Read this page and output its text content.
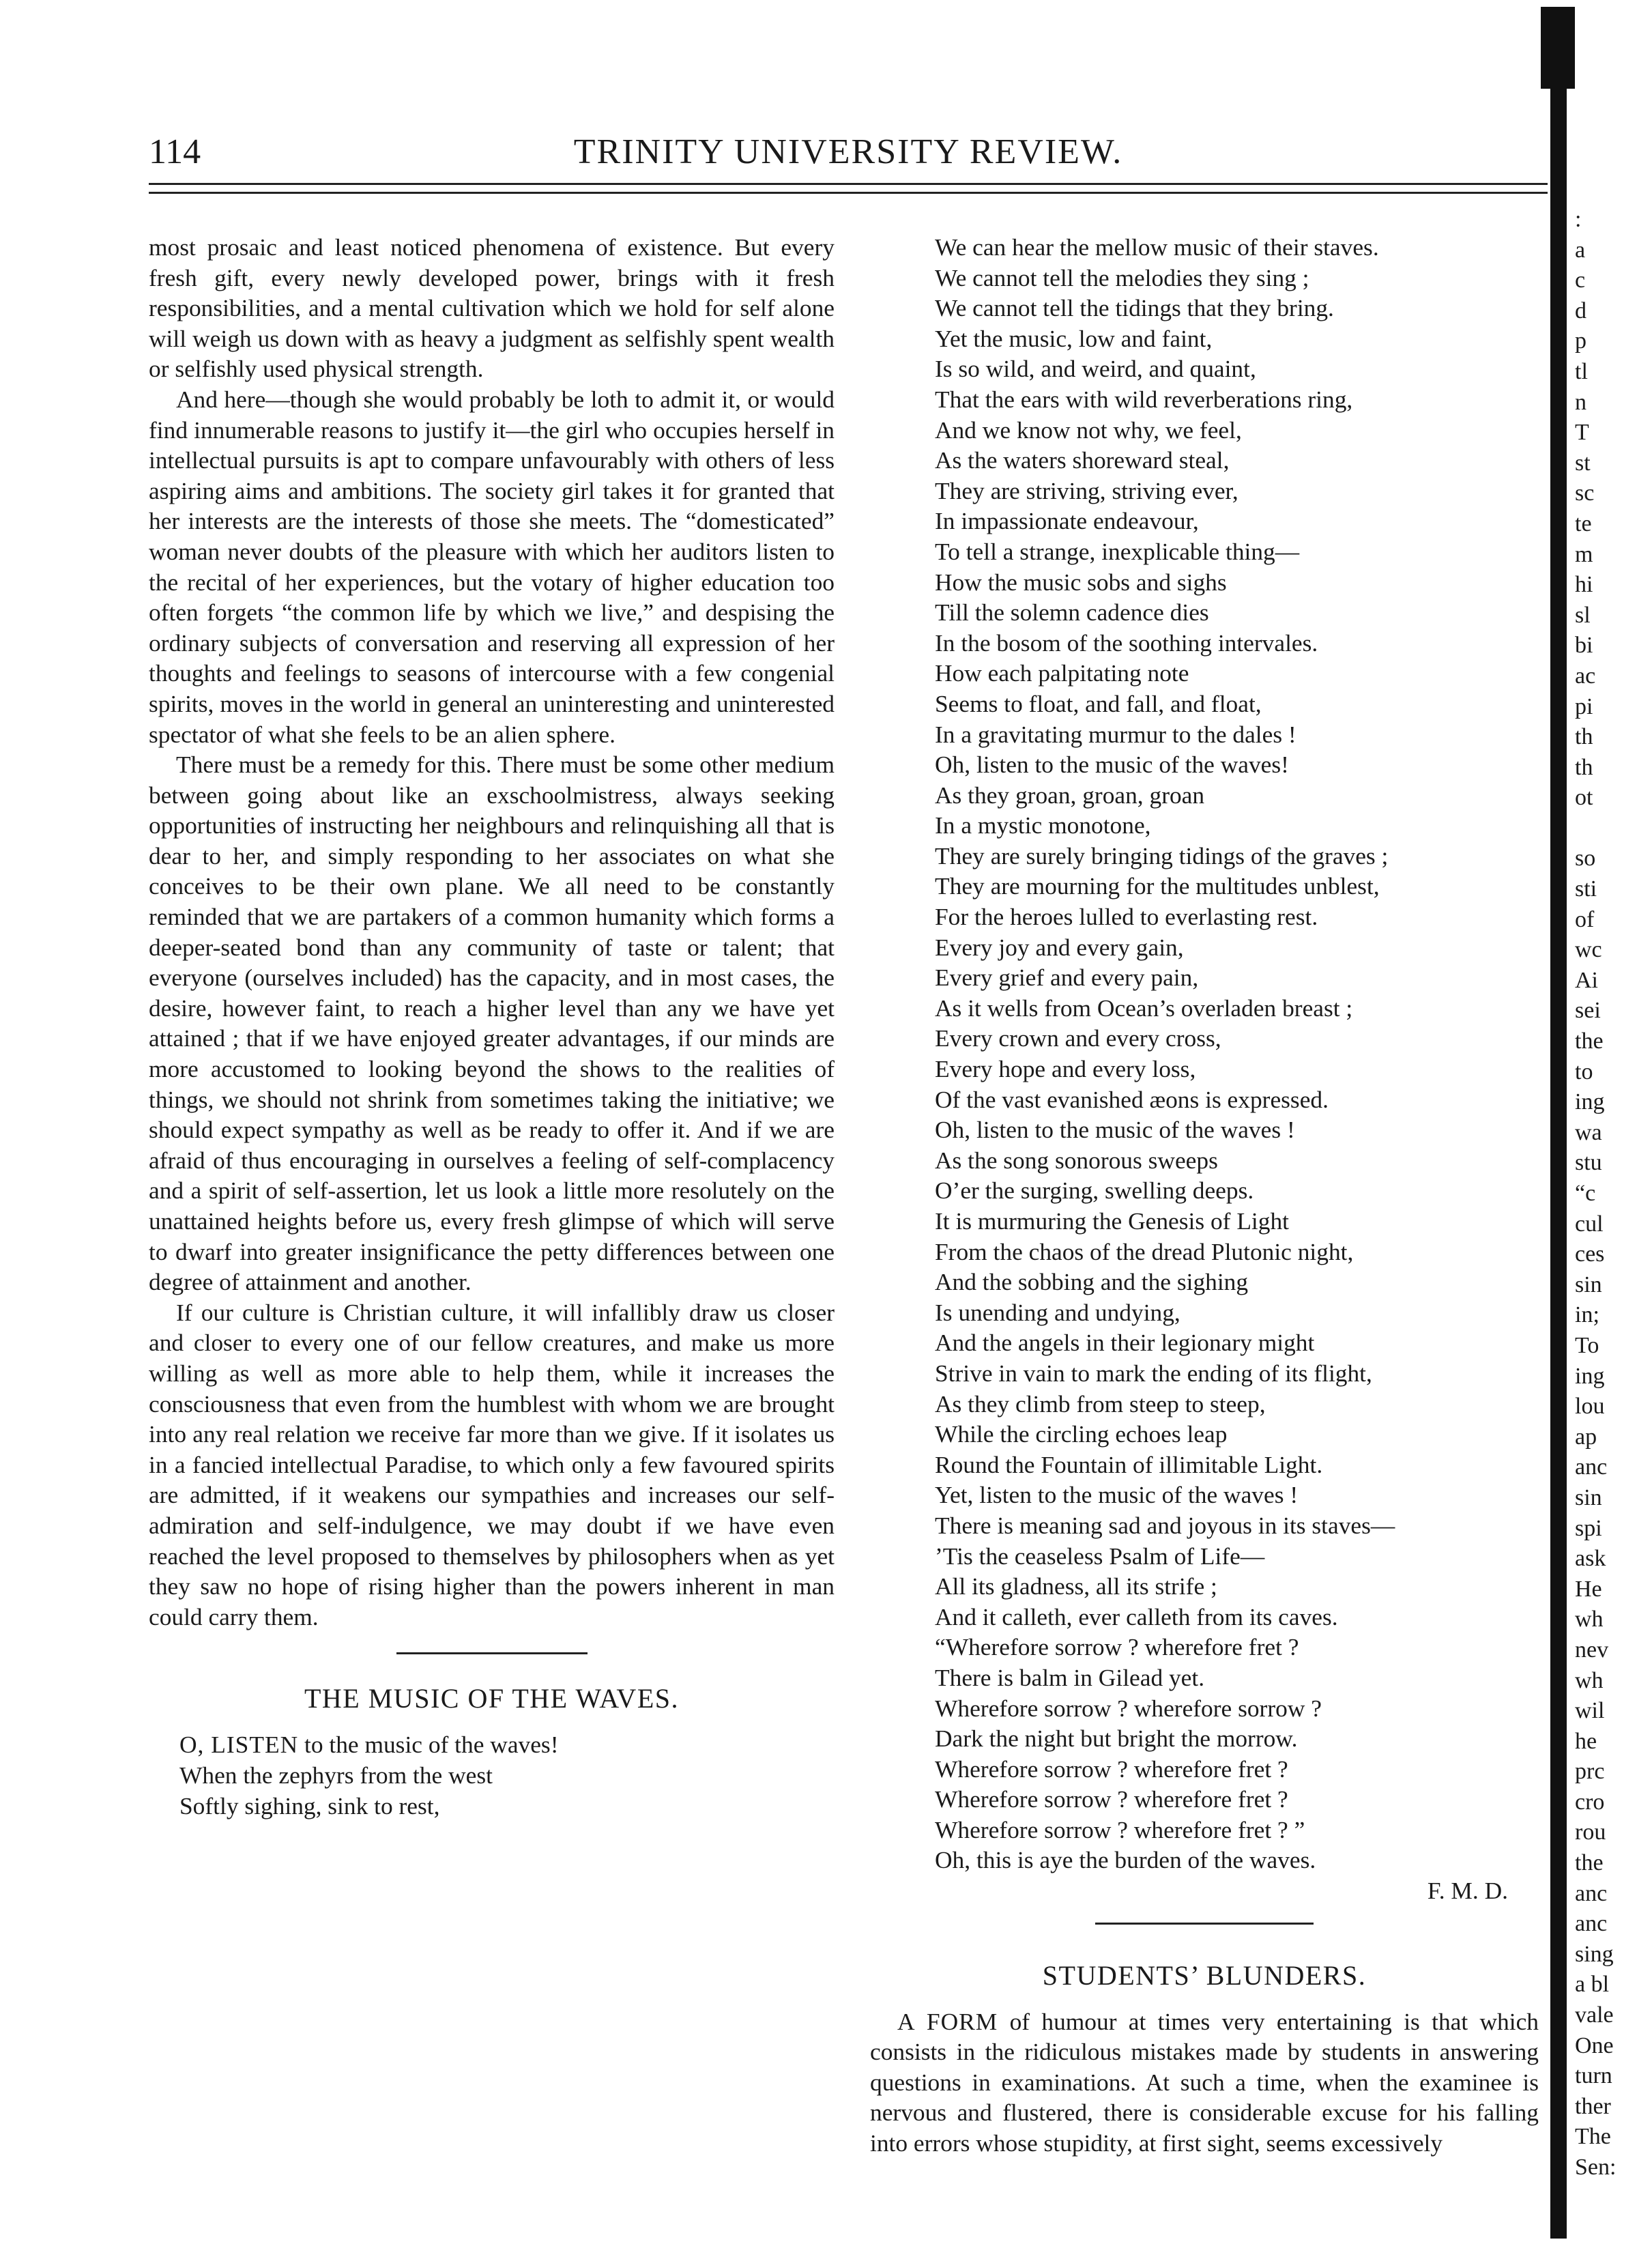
114	TRINITY UNIVERSITY REVIEW.

most prosaic and least noticed phenomena of existence. But every fresh gift, every newly developed power, brings with it fresh responsibilities, and a mental cultivation which we hold for self alone will weigh us down with as heavy a judgment as selfishly spent wealth or selfishly used physical strength.

And here—though she would probably be loth to admit it, or would find innumerable reasons to justify it—the girl who occupies herself in intellectual pursuits is apt to compare unfavourably with others of less aspiring aims and ambitions. The society girl takes it for granted that her interests are the interests of those she meets. The “domesticated” woman never doubts of the pleasure with which her auditors listen to the recital of her experiences, but the votary of higher education too often forgets “the common life by which we live,” and despising the ordinary subjects of conversation and reserving all expression of her thoughts and feelings to seasons of intercourse with a few congenial spirits, moves in the world in general an uninteresting and uninterested spectator of what she feels to be an alien sphere.

There must be a remedy for this. There must be some other medium between going about like an exschoolmistress, always seeking opportunities of instructing her neighbours and relinquishing all that is dear to her, and simply responding to her associates on what she conceives to be their own plane. We all need to be constantly reminded that we are partakers of a common humanity which forms a deeper-seated bond than any community of taste or talent; that everyone (ourselves included) has the capacity, and in most cases, the desire, however faint, to reach a higher level than any we have yet attained ; that if we have enjoyed greater advantages, if our minds are more accustomed to looking beyond the shows to the realities of things, we should not shrink from sometimes taking the initiative; we should expect sympathy as well as be ready to offer it. And if we are afraid of thus encouraging in ourselves a feeling of self-complacency and a spirit of self-assertion, let us look a little more resolutely on the unattained heights before us, every fresh glimpse of which will serve to dwarf into greater insignificance the petty differences between one degree of attainment and another.

If our culture is Christian culture, it will infallibly draw us closer and closer to every one of our fellow creatures, and make us more willing as well as more able to help them, while it increases the consciousness that even from the humblest with whom we are brought into any real relation we receive far more than we give. If it isolates us in a fancied intellectual Paradise, to which only a few favoured spirits are admitted, if it weakens our sympathies and increases our self-admiration and self-indulgence, we may doubt if we have even reached the level proposed to themselves by philosophers when as yet they saw no hope of rising higher than the powers inherent in man could carry them.

THE MUSIC OF THE WAVES.
O, LISTEN to the music of the waves!
When the zephyrs from the west
Softly sighing, sink to rest,
We can hear the mellow music of their staves.
We cannot tell the melodies they sing ;
We cannot tell the tidings that they bring.
Yet the music, low and faint,
Is so wild, and weird, and quaint,
That the ears with wild reverberations ring,
And we know not why, we feel,
As the waters shoreward steal,
They are striving, striving ever,
In impassionate endeavour,
To tell a strange, inexplicable thing—
How the music sobs and sighs
Till the solemn cadence dies
In the bosom of the soothing intervales.
How each palpitating note
Seems to float, and fall, and float,
In a gravitating murmur to the dales !
Oh, listen to the music of the waves!
As they groan, groan, groan
In a mystic monotone,
They are surely bringing tidings of the graves ;
They are mourning for the multitudes unblest,
For the heroes lulled to everlasting rest.
Every joy and every gain,
Every grief and every pain,
As it wells from Ocean’s overladen breast ;
Every crown and every cross,
Every hope and every loss,
Of the vast evanished æons is expressed.
Oh, listen to the music of the waves !
As the song sonorous sweeps
O’er the surging, swelling deeps.
It is murmuring the Genesis of Light
From the chaos of the dread Plutonic night,
And the sobbing and the sighing
Is unending and undying,
And the angels in their legionary might
Strive in vain to mark the ending of its flight,
As they climb from steep to steep,
While the circling echoes leap
Round the Fountain of illimitable Light.
Yet, listen to the music of the waves !
There is meaning sad and joyous in its staves—
’Tis the ceaseless Psalm of Life—
All its gladness, all its strife ;
And it calleth, ever calleth from its caves.
“Wherefore sorrow ? wherefore fret ?
There is balm in Gilead yet.
Wherefore sorrow ? wherefore sorrow ?
Dark the night but bright the morrow.
Wherefore sorrow ? wherefore fret ?
Wherefore sorrow ? wherefore fret ?
Wherefore sorrow ? wherefore fret ? ”
Oh, this is aye the burden of the waves.
F. M. D.
STUDENTS’ BLUNDERS.

A FORM of humour at times very entertaining is that which consists in the ridiculous mistakes made by students in answering questions in examinations. At such a time, when the examinee is nervous and flustered, there is considerable excuse for his falling into errors whose stupidity, at first sight, seems excessively

:
a
c
d
p
tl
n
T
st
sc
te
m
hi
sl
bi
ac
pi
th
th
ot
so
sti
of
wc
Ai
sei
the
to
ing
wa
stu
“c
cul
ces
sin
in;
To
ing
lou
ap
anc
sin
spi
ask
He
wh
nev
wh
wil
he
prc
cro
rou
the
anc
anc
sing
a bl
vale
One
turn
ther
The
Sen:
